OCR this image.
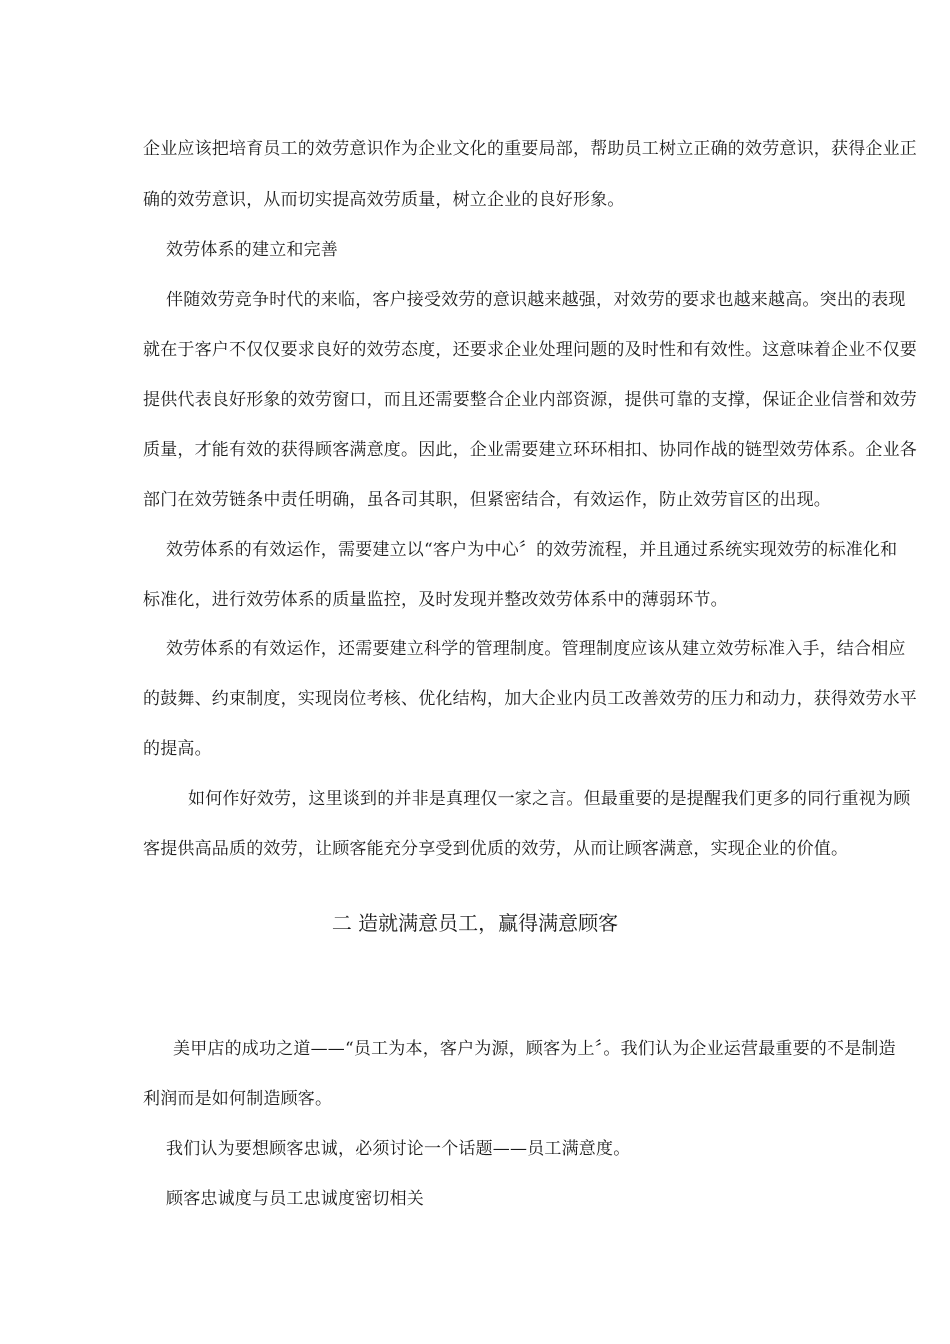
企业应该把培育员工的效劳意识作为企业文化的重要局部，帮助员工树立正确的效劳意识，获得企业正
确的效劳意识，从而切实提高效劳质量，树立企业的良好形象。
效劳体系的建立和完善
伴随效劳竞争时代的来临，客户接受效劳的意识越来越强，对效劳的要求也越来越高。突出的表现
就在于客户不仅仅要求良好的效劳态度，还要求企业处理问题的及时性和有效性。这意味着企业不仅要
提供代表良好形象的效劳窗口，而且还需要整合企业内部资源，提供可靠的支撑，保证企业信誉和效劳
质量，才能有效的获得顾客满意度。因此，企业需要建立环环相扣、协同作战的链型效劳体系。企业各
部门在效劳链条中责任明确，虽各司其职，但紧密结合，有效运作，防止效劳盲区的出现。
效劳体系的有效运作，需要建立以“客户为中心〞的效劳流程，并且通过系统实现效劳的标准化和
标准化，进行效劳体系的质量监控，及时发现并整改效劳体系中的薄弱环节。
效劳体系的有效运作，还需要建立科学的管理制度。管理制度应该从建立效劳标准入手，结合相应
的鼓舞、约束制度，实现岗位考核、优化结构，加大企业内员工改善效劳的压力和动力，获得效劳水平
的提高。
如何作好效劳，这里谈到的并非是真理仅一家之言。但最重要的是提醒我们更多的同行重视为顾
客提供高品质的效劳，让顾客能充分享受到优质的效劳，从而让顾客满意，实现企业的价值。
二 造就满意员工，赢得满意顾客
美甲店的成功之道——“员工为本，客户为源，顾客为上〞。我们认为企业运营最重要的不是制造
利润而是如何制造顾客。
我们认为要想顾客忠诚，必须讨论一个话题——员工满意度。
顾客忠诚度与员工忠诚度密切相关
